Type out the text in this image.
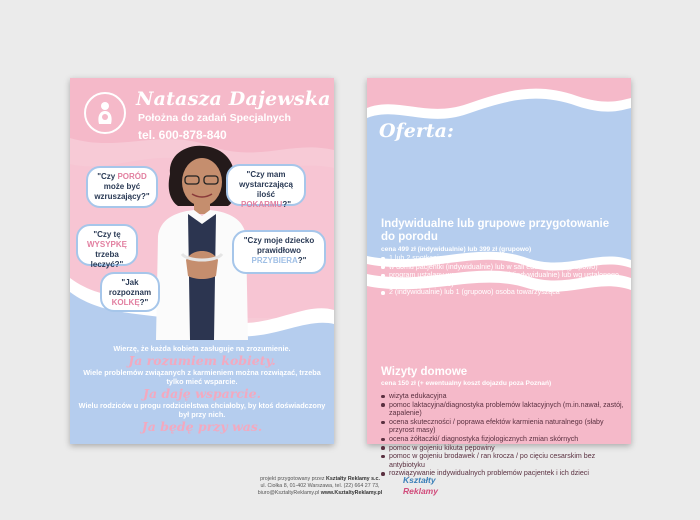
Natasza Dajewska
Położna do zadań Specjalnych
tel. 600-878-840
"Czy PORÓD może być wzruszający?"
"Czy mam wystarczającą ilość POKARMU?"
"Czy tę WYSYPKĘ trzeba leczyć?"
"Czy moje dziecko prawidłowo PRZYBIERA?"
"Jak rozpoznam KOLKĘ?"
Wierzę, że każda kobieta zasługuje na zrozumienie.
Ja rozumiem kobiety.
Wiele problemów związanych z karmieniem można rozwiązać, trzeba tylko mieć wsparcie.
Ja daję wsparcie.
Wielu rodziców u progu rodzicielstwa chciałoby, by ktoś doświadczony był przy nich.
Ja będę przy was.
Oferta:
Indywidualne lub grupowe przygotowanie do porodu
cena 499 zł (indywidualnie) lub 399 zł (grupowo)
1 lub 2 spotkania
w domu pacjentki (indywidualnie) lub w sali edukacyjnej (grupowo)
program ustalany wg potrzeb pacjentki (indywidualnie) lub wg ustalonego schematu (grupowo)
2 (indywidualnie) lub 1 (grupowo) osoba towarzysząca
Wizyty domowe
cena 150 zł (+ ewentualny koszt dojazdu poza Poznań)
wizyta edukacyjna
pomoc laktacyjna/diagnostyka problemów laktacyjnych (m.in.nawał, zastój, zapalenie)
ocena skuteczności / poprawa efektów karmienia naturalnego (słaby przyrost masy)
ocena żółtaczki/ diagnostyka fizjologicznych zmian skórnych
pomoc w gojeniu kikuta pępowiny
pomoc w gojeniu brodawek / ran krocza / po cięciu cesarskim bez antybiotyku
rozwiązywanie indywidualnych problemów pacjentek i ich dzieci
projekt przygotowany przez Kształty Reklamy s.c.
ul. Ciołka 8, 01-402 Warszawa, tel. (22) 664 27 73,
biuro@KsztaltyReklamy.pl www.KsztaltyReklamy.pl
Kształty
Reklamy
